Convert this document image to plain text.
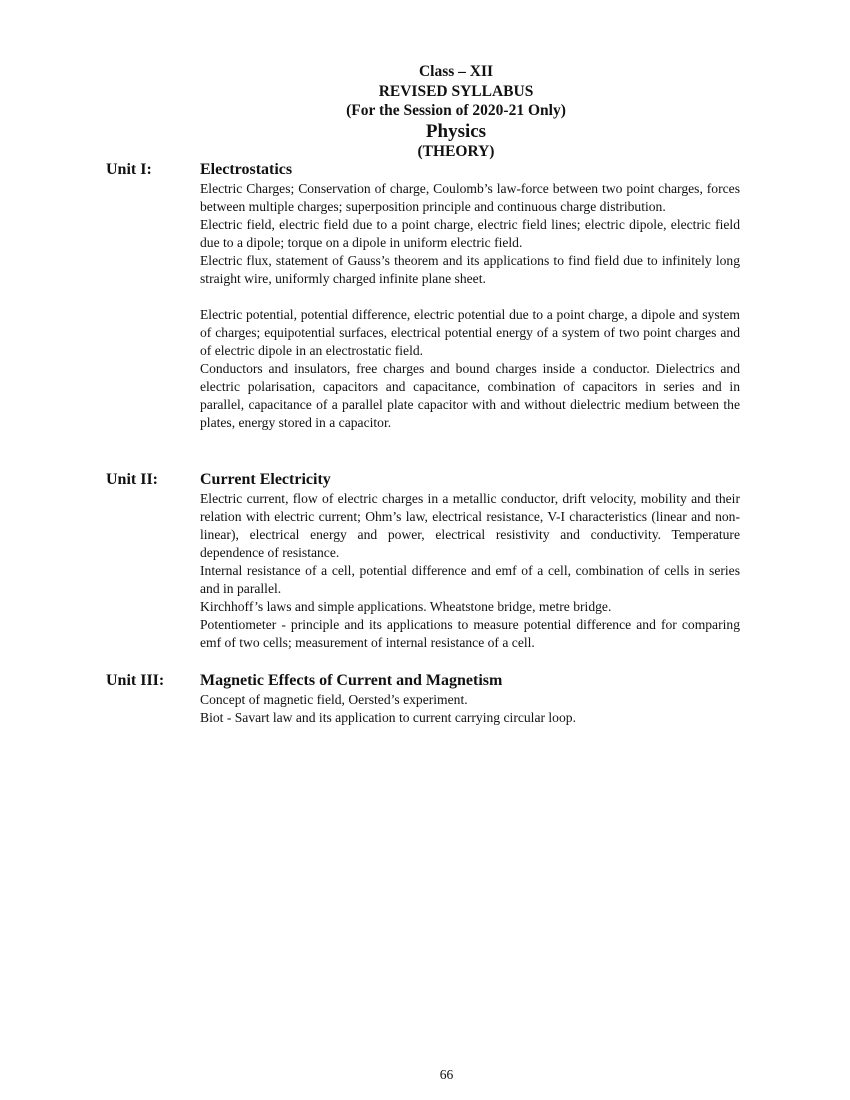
Class – XII
REVISED SYLLABUS
(For the Session of 2020-21 Only)
Physics
(THEORY)
Unit I:	Electrostatics

Electric Charges; Conservation of charge, Coulomb’s law-force between two point charges, forces between multiple charges; superposition principle and continuous charge distribution.

Electric field, electric field due to a point charge, electric field lines; electric dipole, electric field due to a dipole; torque on a dipole in uniform electric field.

Electric flux, statement of Gauss’s theorem and its applications to find field due to infinitely long straight wire, uniformly charged infinite plane sheet.

Electric potential, potential difference, electric potential due to a point charge, a dipole and system of charges; equipotential surfaces, electrical potential energy of a system of two point charges and of electric dipole in an electrostatic field.

Conductors and insulators, free charges and bound charges inside a conductor. Dielectrics and electric polarisation, capacitors and capacitance, combination of capacitors in series and in parallel, capacitance of a parallel plate capacitor with and without dielectric medium between the plates, energy stored in a capacitor.

Unit II:	Current Electricity

Electric current, flow of electric charges in a metallic conductor, drift velocity, mobility and their relation with electric current; Ohm’s law, electrical resistance, V-I characteristics (linear and non-linear), electrical energy and power, electrical resistivity and conductivity. Temperature dependence of resistance.

Internal resistance of a cell, potential difference and emf of a cell, combination of cells in series and in parallel.

Kirchhoff’s laws and simple applications. Wheatstone bridge, metre bridge.

Potentiometer - principle and its applications to measure potential difference and for comparing emf of two cells; measurement of internal resistance of a cell.

Unit III: Magnetic Effects of Current and Magnetism

Concept of magnetic field, Oersted’s experiment.

Biot - Savart law and its application to current carrying circular loop.

66
